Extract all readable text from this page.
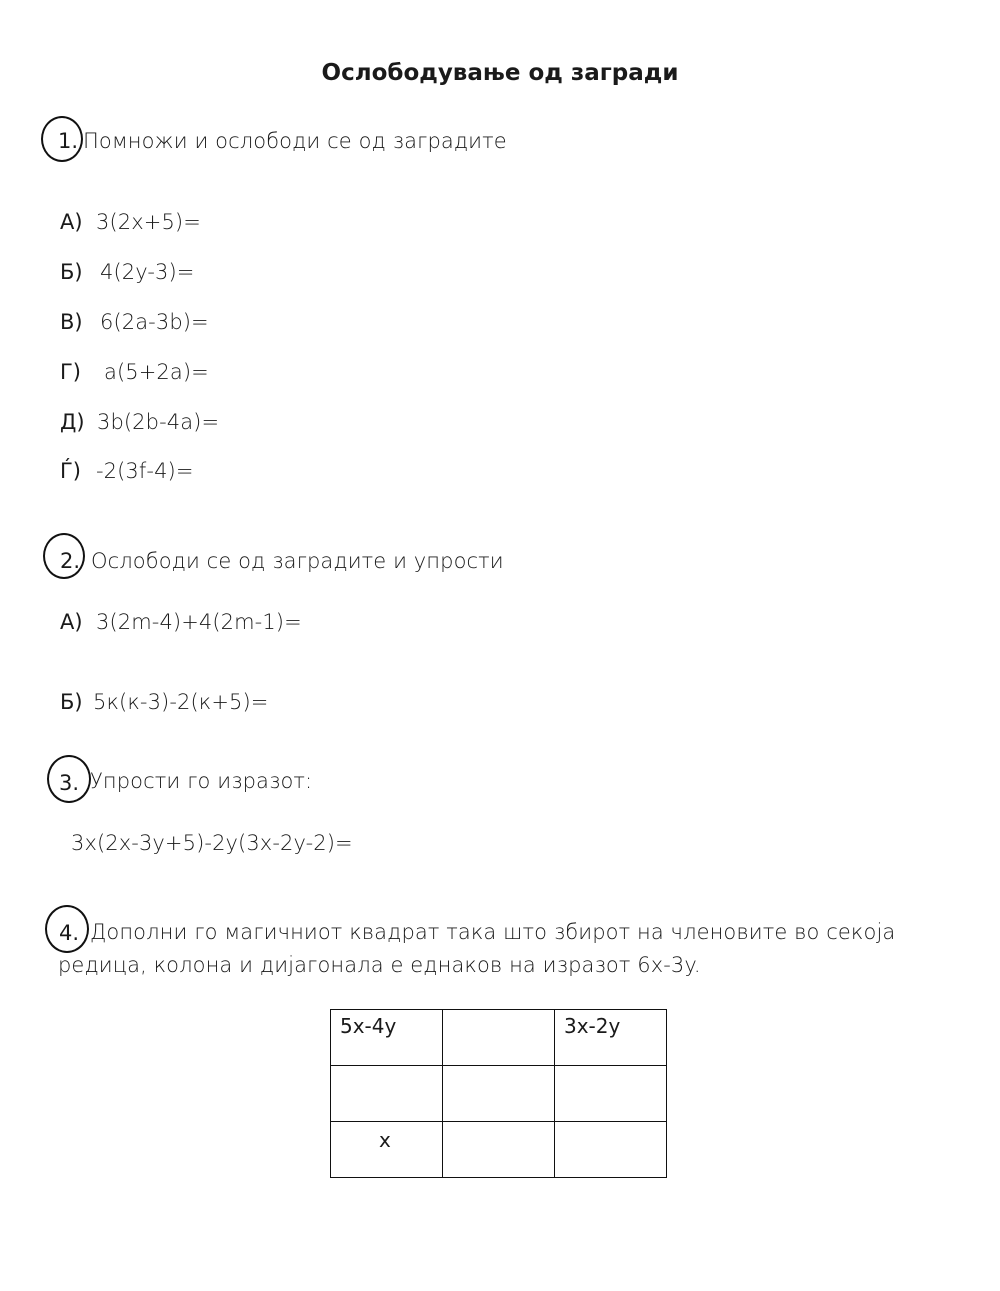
Ослободување од загради
1. Помножи и ослободи се од заградите
А) 3(2x+5)=
Б) 4(2y-3)=
В) 6(2a-3b)=
Г) a(5+2a)=
Д) 3b(2b-4a)=
Ѓ) -2(3f-4)=
2. Ослободи се од заградите и упрости
А) 3(2m-4)+4(2m-1)=
Б) 5к(к-3)-2(к+5)=
3. Упрости го изразот:
3x(2x-3y+5)-2y(3x-2y-2)=
4. Дополни го магичниот квадрат така што збирот на членовите во секоја
редица, колона и дијагонала е еднаков на изразот 6x-3y.
5x-4y		3x-2y

x		
